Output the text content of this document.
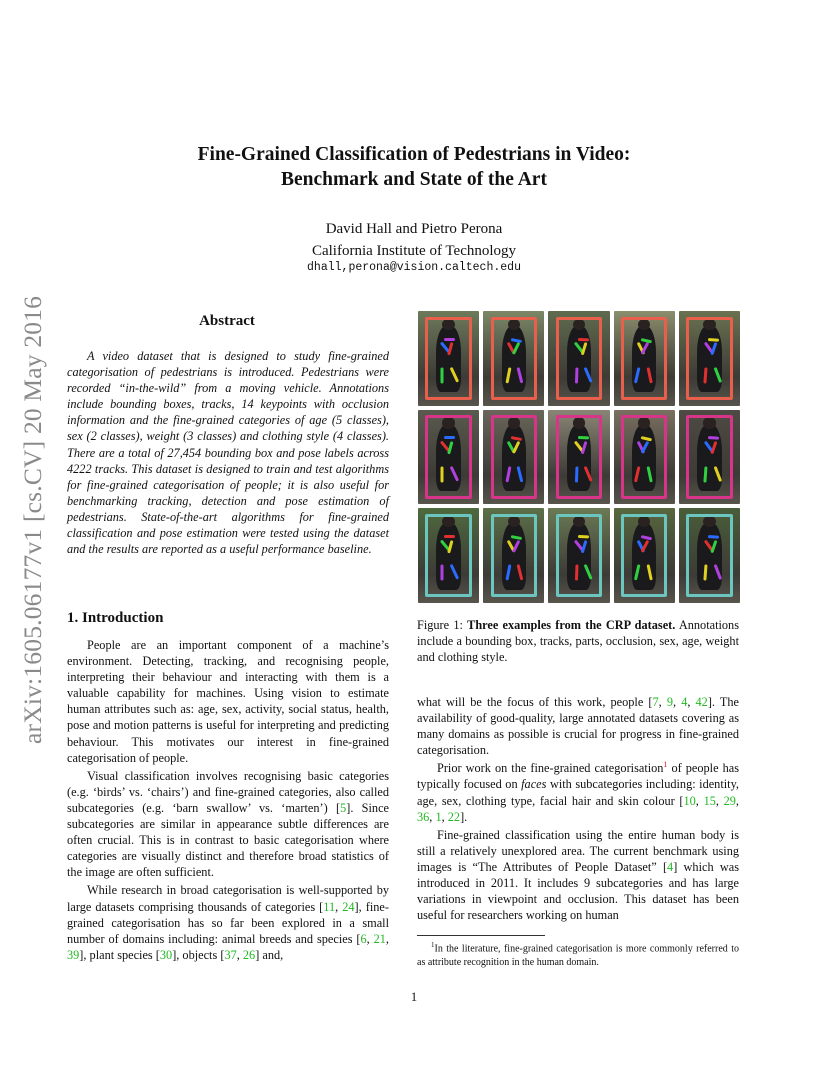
arXiv:1605.06177v1 [cs.CV] 20 May 2016
Fine-Grained Classification of Pedestrians in Video:
Benchmark and State of the Art
David Hall and Pietro Perona
California Institute of Technology
dhall,perona@vision.caltech.edu
Abstract
A video dataset that is designed to study fine-grained categorisation of pedestrians is introduced. Pedestrians were recorded “in-the-wild” from a moving vehicle. Annotations include bounding boxes, tracks, 14 keypoints with occlusion information and the fine-grained categories of age (5 classes), sex (2 classes), weight (3 classes) and clothing style (4 classes). There are a total of 27,454 bounding box and pose labels across 4222 tracks. This dataset is designed to train and test algorithms for fine-grained categorisation of people; it is also useful for benchmarking tracking, detection and pose estimation of pedestrians. State-of-the-art algorithms for fine-grained classification and pose estimation were tested using the dataset and the results are reported as a useful performance baseline.
1. Introduction

People are an important component of a machine’s environment. Detecting, tracking, and recognising people, interpreting their behaviour and interacting with them is a valuable capability for machines. Using vision to estimate human attributes such as: age, sex, activity, social status, health, pose and motion patterns is useful for interpreting and predicting behaviour. This motivates our interest in fine-grained categorisation of people.

Visual classification involves recognising basic categories (e.g. ‘birds’ vs. ‘chairs’) and fine-grained categories, also called subcategories (e.g. ‘barn swallow’ vs. ‘marten’) [5]. Since subcategories are similar in appearance subtle differences are often crucial. This is in contrast to basic categorisation where categories are visually distinct and therefore broad statistics of the image are often sufficient.

While research in broad categorisation is well-supported by large datasets comprising thousands of categories [11, 24], fine-grained categorisation has so far been explored in a small number of domains including: animal breeds and species [6, 21, 39], plant species [30], objects [37, 26] and,

Figure 1: Three examples from the CRP dataset. Annotations include a bounding box, tracks, parts, occlusion, sex, age, weight and clothing style.

what will be the focus of this work, people [7, 9, 4, 42]. The availability of good-quality, large annotated datasets covering as many domains as possible is crucial for progress in fine-grained categorisation.

Prior work on the fine-grained categorisation$^1$ of people has typically focused on faces with subcategories including: identity, age, sex, clothing type, facial hair and skin colour [10, 15, 29, 36, 1, 22].

Fine-grained classification using the entire human body is still a relatively unexplored area. The current benchmark using images is “The Attributes of People Dataset” [4] which was introduced in 2011. It includes 9 subcategories and has large variations in viewpoint and occlusion. This dataset has been useful for researchers working on human

$^1$In the literature, fine-grained categorisation is more commonly referred to as attribute recognition in the human domain.
1
